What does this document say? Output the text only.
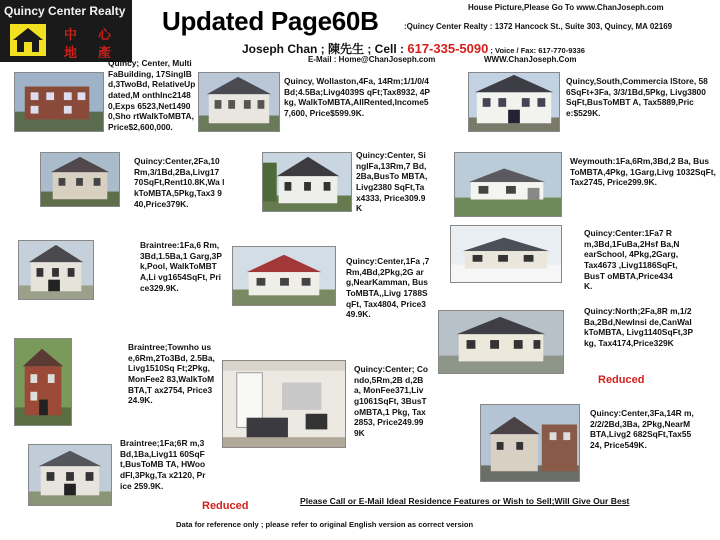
Quincy Center Realty
中 心
地 產
Updated Page60B	House Picture,Please Go To www.ChanJoseph.com
:Quincy Center Realty : 1372 Hancock St., Suite 303, Quincy, MA 02169
Joseph Chan ; 陳先生 ; Cell : 617-335-5090 ; Voice / Fax: 617-770-9336
E-Mail : Home@ChanJoseph.com	WWW.ChanJoseph.Com
Quincy; Center, MultiFaBuilding, 17SinglBd,3TwoBd, RelativeUpdated,M onthInc21480,Exps 6523,Net14900,Sho rtWalkToMBTA, Price$2,600,000.
Quincy, Wollaston,4Fa, 14Rm;1/1/0/4Bd;4.5Ba;Livg4039S qFt;Tax8932, 4Pkg, WalkToMBTA,AllRented,Income5 7,600, Price$599.9K.
Quincy,South,Commercia lStore, 586SqFt+3Fa, 3/3/1Bd,5Pkg, Livg3800SqFt,BusToMBT A, Tax5889,Price:$529K.
Quincy:Center,2Fa,10 Rm,3/1Bd,2Ba,Livg17 70SqFt,Rent10.8K,Wa lkToMBTA,5Pkg,Tax3 940,Price379K.
Quincy:Center, SinglFa,13Rm,7 Bd,2Ba,BusTo MBTA,Livg2380 SqFt,Tax4333, Price309.9K
Weymouth:1Fa,6Rm,3Bd,2 Ba, Bus ToMBTA,4Pkg, 1Garg,Livg 1032SqFt, Tax2745, Price299.9K.
Braintree:1Fa,6 Rm,3Bd,1.5Ba,1 Garg,3Pk,Pool, WalkToMBTA,Li vg1654SqFt, Price329.9K.
Quincy:Center,1Fa ,7Rm,4Bd,2Pkg,2G arg,NearKamman, BusToMBTA,,Livg 1788SqFt, Tax4804, Price349.9K.
Quincy:Center:1Fa7 Rm,3Bd,1FuBa,2Hsf Ba,NearSchool, 4Pkg,2Garg,Tax4673 ,Livg1186SqFt,BusT oMBTA,Price434K.
Quincy:North;2Fa,8R m,1/2Ba,2Bd,NewInsi de,CanWalkToMBTA, Livg1140SqFt,3Pkg, Tax4174,Price329K
Braintree;Townho use,6Rm,2To3Bd, 2.5Ba,Livg1510Sq Ft;2Pkg,MonFee2 83,WalkToMBTA,T ax2754, Price324.9K.
Quincy:Center; Condo,5Rm,2B d,2Ba, MonFee371,Liv g1061SqFt, 3BusToMBTA,1 Pkg, Tax2853, Price249.999K
Quincy:Center,3Fa,14R m,2/2/2Bd,3Ba, 2Pkg,NearMBTA,Livg2 682SqFt,Tax5524, Price549K.
Braintree;1Fa;6R m,3Bd,1Ba,Livg11 60SqFt,BusToMB TA, HWoodFl,3Pkg,Ta x2120, Price 259.9K.
Reduced
Reduced	Please Call or E-Mail Ideal Residence Features or Wish to Sell;Will Give Our Best
Data for reference only ; please refer to original English version as correct version
